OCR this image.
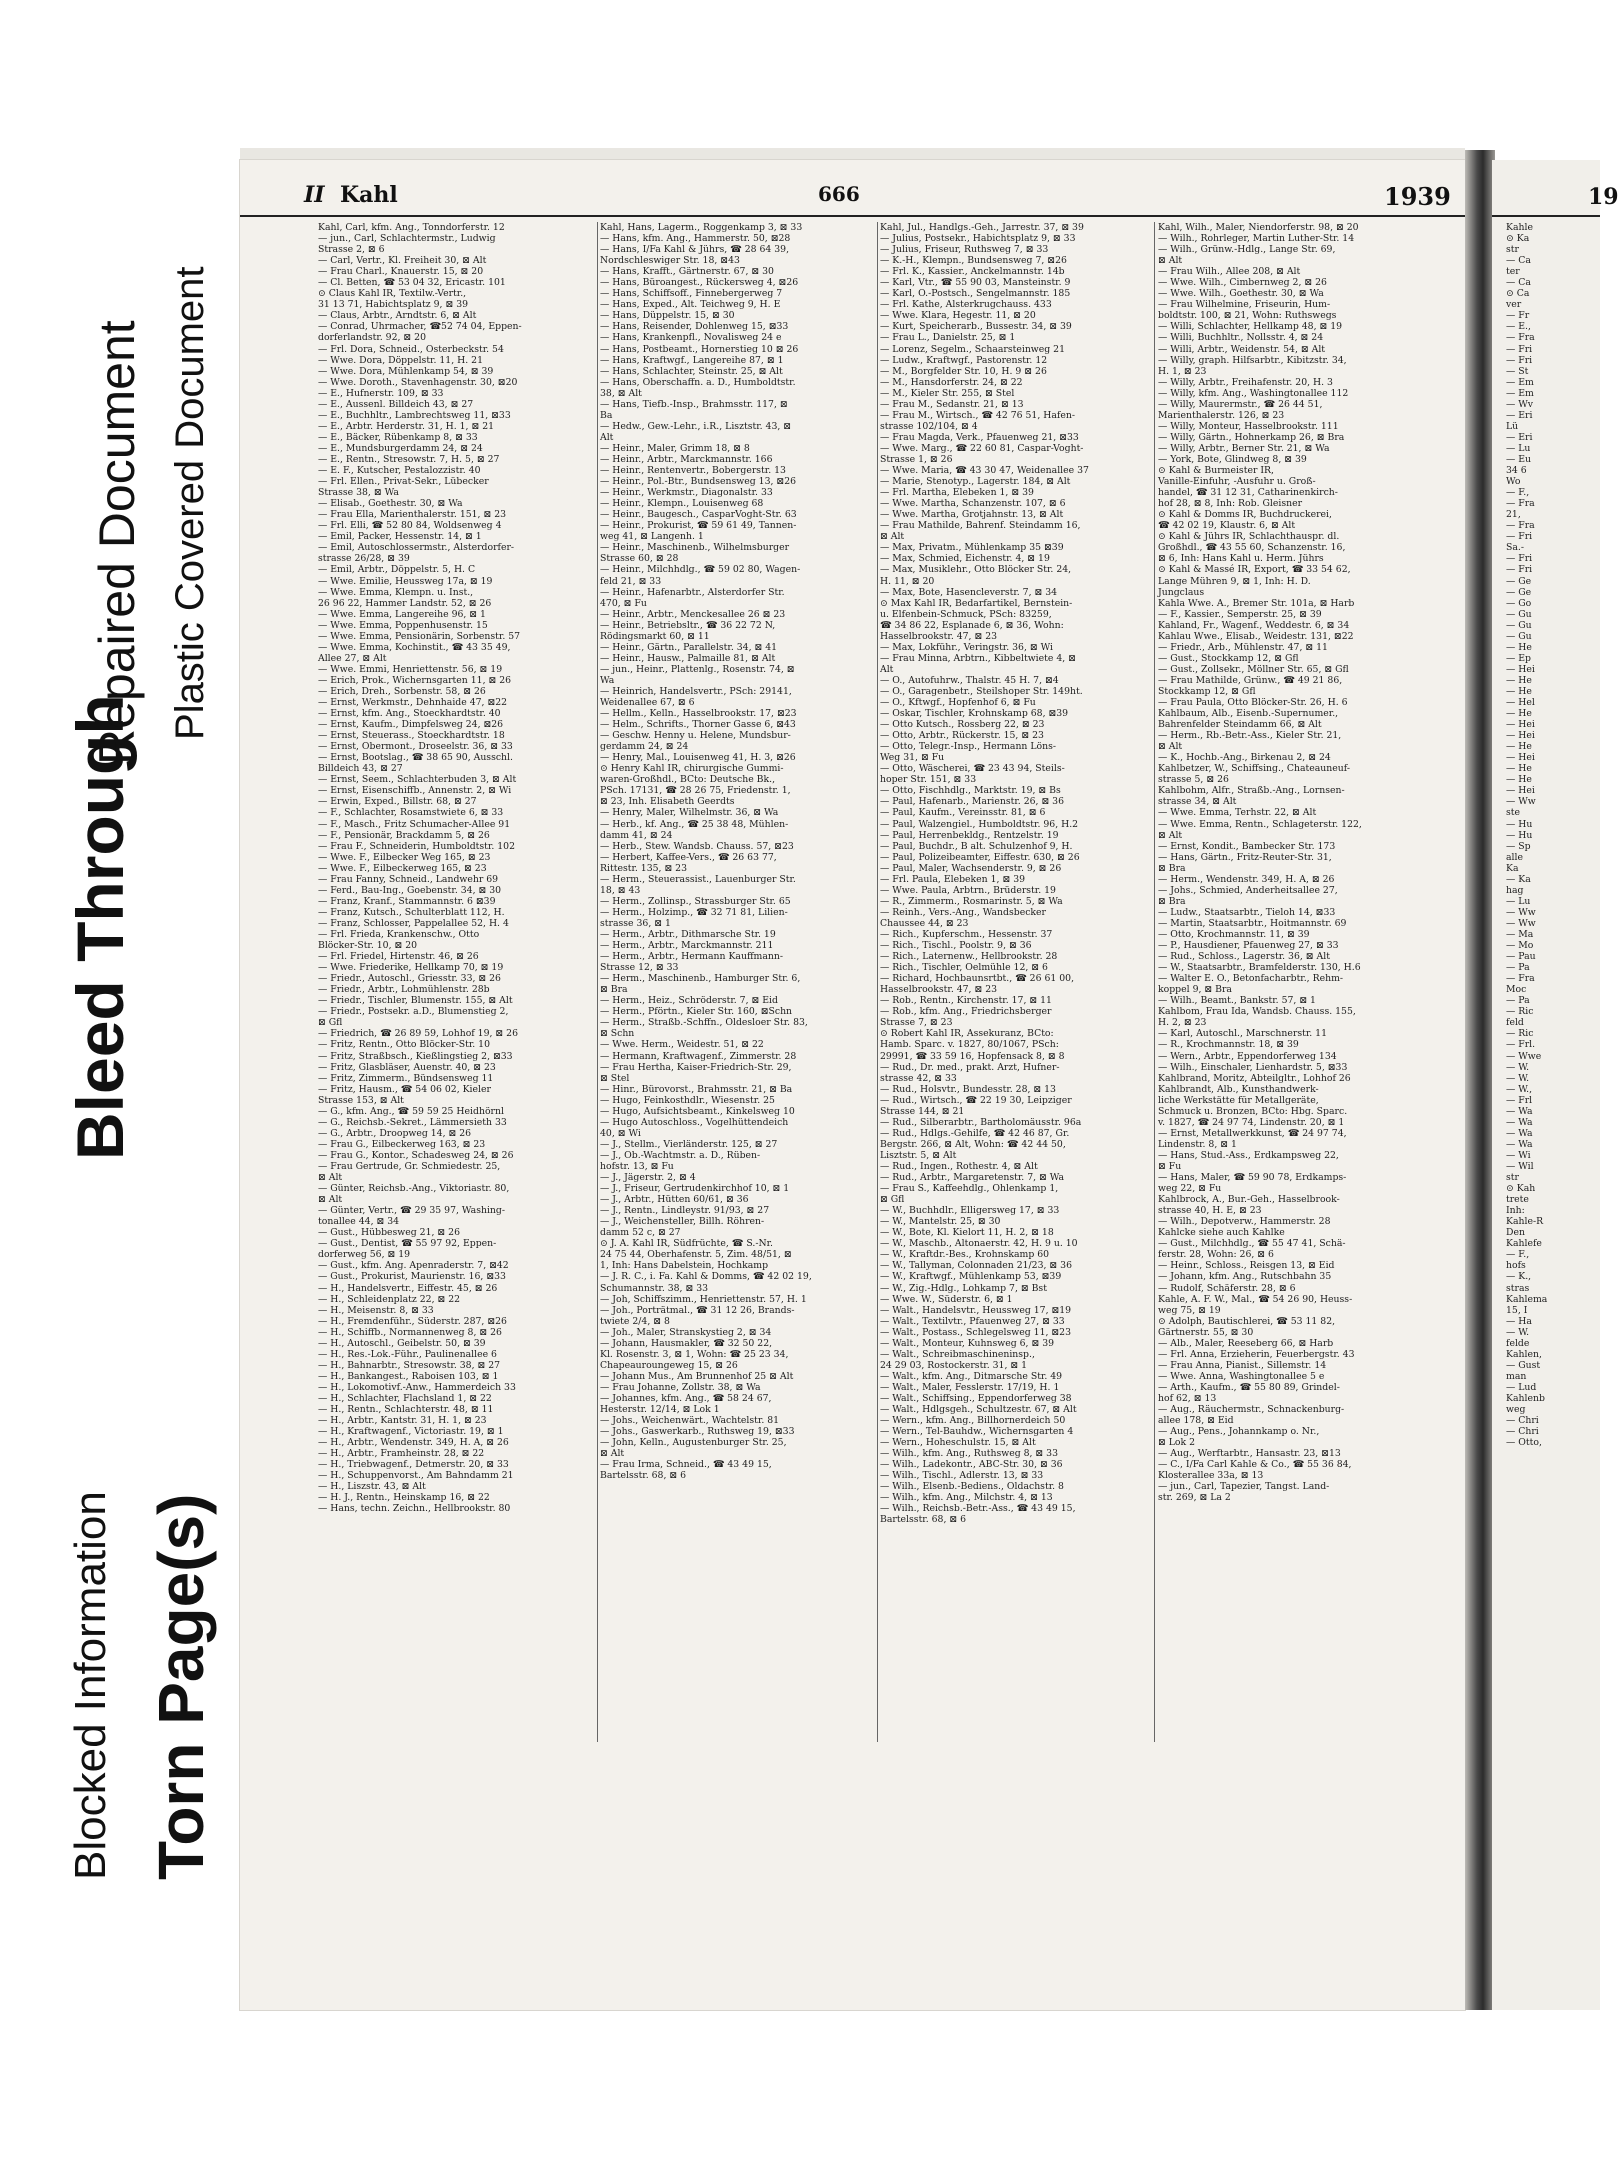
Blocked Information
Bleed Through
Torn Page(s)
Repaired Document Plastic Covered Document
II Kahl	666	1939
Kahl, Carl, kfm. Ang., Tonndorferstr. 12
— jun., Carl, Schlachtermstr., Ludwig
Strasse 2, ⊠ 6
— Carl, Vertr., Kl. Freiheit 30, ⊠ Alt
— Frau Charl., Knauerstr. 15, ⊠ 20
— Cl. Betten, ☎ 53 04 32, Ericastr. 101
⊙ Claus Kahl IR, Textilw.-Vertr.,
31 13 71, Habichtsplatz 9, ⊠ 39
— Claus, Arbtr., Arndtstr. 6, ⊠ Alt
— Conrad, Uhrmacher, ☎52 74 04, Eppen-
dorferlandstr. 92, ⊠ 20
— Frl. Dora, Schneid., Osterbeckstr. 54
— Wwe. Dora, Döppelstr. 11, H. 21
— Wwe. Dora, Mühlenkamp 54, ⊠ 39
— Wwe. Doroth., Stavenhagenstr. 30, ⊠20
— E., Hufnerstr. 109, ⊠ 33
— E., Aussenl. Billdeich 43, ⊠ 27
— E., Buchhltr., Lambrechtsweg 11, ⊠33
— E., Arbtr. Herderstr. 31, H. 1, ⊠ 21
— E., Bäcker, Rübenkamp 8, ⊠ 33
— E., Mundsburgerdamm 24, ⊠ 24
— E., Rentn., Stresowstr. 7, H. 5, ⊠ 27
— E. F., Kutscher, Pestalozzistr. 40
— Frl. Ellen., Privat-Sekr., Lübecker
Strasse 38, ⊠ Wa
— Elisab., Goethestr. 30, ⊠ Wa
— Frau Ella, Marienthalerstr. 151, ⊠ 23
— Frl. Elli, ☎ 52 80 84, Woldsenweg 4
— Emil, Packer, Hessenstr. 14, ⊠ 1
— Emil, Autoschlossermstr., Alsterdorfer-
strasse 26/28, ⊠ 39
— Emil, Arbtr., Döppelstr. 5, H. C
— Wwe. Emilie, Heussweg 17a, ⊠ 19
— Wwe. Emma, Klempn. u. Inst.,
26 96 22, Hammer Landstr. 52, ⊠ 26
— Wwe. Emma, Langereihe 96, ⊠ 1
— Wwe. Emma, Poppenhusenstr. 15
— Wwe. Emma, Pensionärin, Sorbenstr. 57
— Wwe. Emma, Kochinstit., ☎ 43 35 49,
Allee 27, ⊠ Alt
— Wwe. Emmi, Henriettenstr. 56, ⊠ 19
— Erich, Prok., Wichernsgarten 11, ⊠ 26
— Erich, Dreh., Sorbenstr. 58, ⊠ 26
— Ernst, Werkmstr., Dehnhaide 47, ⊠22
— Ernst, kfm. Ang., Stoeckhardtstr. 40
— Ernst, Kaufm., Dimpfelsweg 24, ⊠26
— Ernst, Steuerass., Stoeckhardtstr. 18
— Ernst, Obermont., Droseelstr. 36, ⊠ 33
— Ernst, Bootslag., ☎ 38 65 90, Ausschl.
Billdeich 43, ⊠ 27
— Ernst, Seem., Schlachterbuden 3, ⊠ Alt
— Ernst, Eisenschiffb., Annenstr. 2, ⊠ Wi
— Erwin, Exped., Billstr. 68, ⊠ 27
— F., Schlachter, Rosamstwiete 6, ⊠ 33
— F., Masch., Fritz Schumacher-Allee 91
— F., Pensionär, Brackdamm 5, ⊠ 26
— Frau F., Schneiderin, Humboldtstr. 102
— Wwe. F., Eilbecker Weg 165, ⊠ 23
— Wwe. F., Eilbeckerweg 165, ⊠ 23
— Frau Fanny, Schneid., Landwehr 69
— Ferd., Bau-Ing., Goebenstr. 34, ⊠ 30
— Franz, Kranf., Stammannstr. 6 ⊠39
— Franz, Kutsch., Schulterblatt 112, H.
— Franz, Schlosser, Pappelallee 52, H. 4
— Frl. Frieda, Krankenschw., Otto
Blöcker-Str. 10, ⊠ 20
— Frl. Friedel, Hirtenstr. 46, ⊠ 26
— Wwe. Friederike, Hellkamp 70, ⊠ 19
— Friedr., Autoschl., Griesstr. 33, ⊠ 26
— Friedr., Arbtr., Lohmühlenstr. 28b
— Friedr., Tischler, Blumenstr. 155, ⊠ Alt
— Friedr., Postsekr. a.D., Blumenstieg 2,
⊠ Gfl
— Friedrich, ☎ 26 89 59, Lohhof 19, ⊠ 26
— Fritz, Rentn., Otto Blöcker-Str. 10
— Fritz, Straßbsch., Kießlingstieg 2, ⊠33
— Fritz, Glasbläser, Auenstr. 40, ⊠ 23
— Fritz, Zimmerm., Bündsensweg 11
— Fritz, Hausm., ☎ 54 06 02, Kieler
Strasse 153, ⊠ Alt
— G., kfm. Ang., ☎ 59 59 25 Heidhörnl
— G., Reichsb.-Sekret., Lämmersieth 33
— G., Arbtr., Droopweg 14, ⊠ 26
— Frau G., Eilbeckerweg 163, ⊠ 23
— Frau G., Kontor., Schadesweg 24, ⊠ 26
— Frau Gertrude, Gr. Schmiedestr. 25,
⊠ Alt
— Günter, Reichsb.-Ang., Viktoriastr. 80,
⊠ Alt
— Günter, Vertr., ☎ 29 35 97, Washing-
tonallee 44, ⊠ 34
— Gust., Hübbesweg 21, ⊠ 26
— Gust., Dentist, ☎ 55 97 92, Eppen-
dorferweg 56, ⊠ 19
— Gust., kfm. Ang. Apenraderstr. 7, ⊠42
— Gust., Prokurist, Maurienstr. 16, ⊠33
— H., Handelsvertr., Eiffestr. 45, ⊠ 26
— H., Schleidenplatz 22, ⊠ 22
— H., Meisenstr. 8, ⊠ 33
— H., Fremdenführ., Süderstr. 287, ⊠26
— H., Schiffb., Normannenweg 8, ⊠ 26
— H., Autoschl., Geibelstr. 50, ⊠ 39
— H., Res.-Lok.-Führ., Paulinenallee 6
— H., Bahnarbtr., Stresowstr. 38, ⊠ 27
— H., Bankangest., Raboisen 103, ⊠ 1
— H., Lokomotivf.-Anw., Hammerdeich 33
— H., Schlachter, Flachsland 1, ⊠ 22
— H., Rentn., Schlachterstr. 48, ⊠ 11
— H., Arbtr., Kantstr. 31, H. 1, ⊠ 23
— H., Kraftwagenf., Victoriastr. 19, ⊠ 1
— H., Arbtr., Wendenstr. 349, H. A, ⊠ 26
— H., Arbtr., Framheinstr. 28, ⊠ 22
— H., Triebwagenf., Detmerstr. 20, ⊠ 33
— H., Schuppenvorst., Am Bahndamm 21
— H., Liszstr. 43, ⊠ Alt
— H. J., Rentn., Heinskamp 16, ⊠ 22
— Hans, techn. Zeichn., Hellbrookstr. 80
Kahl, Hans, Lagerm., Roggenkamp 3, ⊠ 33
— Hans, kfm. Ang., Hammerstr. 50, ⊠28
— Hans, I/Fa Kahl & Jührs, ☎ 28 64 39,
Nordschleswiger Str. 18, ⊠43
— Hans, Krafft., Gärtnerstr. 67, ⊠ 30
— Hans, Büroangest., Rückersweg 4, ⊠26
— Hans, Schiffsoff., Finnebergerweg 7
— Hans, Exped., Alt. Teichweg 9, H. E
— Hans, Düppelstr. 15, ⊠ 30
— Hans, Reisender, Dohlenweg 15, ⊠33
— Hans, Krankenpfl., Novalisweg 24 e
— Hans, Postbeamt., Hornerstieg 10 ⊠ 26
— Hans, Kraftwgf., Langereihe 87, ⊠ 1
— Hans, Schlachter, Steinstr. 25, ⊠ Alt
— Hans, Oberschaffn. a. D., Humboldtstr.
38, ⊠ Alt
— Hans, Tiefb.-Insp., Brahmsstr. 117, ⊠
Ba
— Hedw., Gew.-Lehr., i.R., Lisztstr. 43, ⊠
Alt
— Heinr., Maler, Grimm 18, ⊠ 8
— Heinr., Arbtr., Marckmannstr. 166
— Heinr., Rentenvertr., Bobergerstr. 13
— Heinr., Pol.-Btr., Bundsensweg 13, ⊠26
— Heinr., Werkmstr., Diagonalstr. 33
— Heinr., Klempn., Louisenweg 68
— Heinr., Baugesch., CasparVoght-Str. 63
— Heinr., Prokurist, ☎ 59 61 49, Tannen-
weg 41, ⊠ Langenh. 1
— Heinr., Maschinenb., Wilhelmsburger
Strasse 60, ⊠ 28
— Heinr., Milchhdlg., ☎ 59 02 80, Wagen-
feld 21, ⊠ 33
— Heinr., Hafenarbtr., Alsterdorfer Str.
470, ⊠ Fu
— Heinr., Arbtr., Menckesallee 26 ⊠ 23
— Heinr., Betriebsltr., ☎ 36 22 72 N,
Rödingsmarkt 60, ⊠ 11
— Heinr., Gärtn., Parallelstr. 34, ⊠ 41
— Heinr., Hausw., Palmaille 81, ⊠ Alt
— jun., Heinr., Plattenlg., Rosenstr. 74, ⊠
Wa
— Heinrich, Handelsvertr., PSch: 29141,
Weidenallee 67, ⊠ 6
— Hellm., Kelln., Hasselbrookstr. 17, ⊠23
— Helm., Schrifts., Thorner Gasse 6, ⊠43
— Geschw. Henny u. Helene, Mundsbur-
gerdamm 24, ⊠ 24
— Henry, Mal., Louisenweg 41, H. 3, ⊠26
⊙ Henry Kahl IR, chirurgische Gummi-
waren-Großhdl., BCto: Deutsche Bk.,
PSch. 17131, ☎ 28 26 75, Friedenstr. 1,
⊠ 23, Inh. Elisabeth Geerdts
— Henry, Maler, Wilhelmstr. 36, ⊠ Wa
— Herb., kf. Ang., ☎ 25 38 48, Mühlen-
damm 41, ⊠ 24
— Herb., Stew. Wandsb. Chauss. 57, ⊠23
— Herbert, Kaffee-Vers., ☎ 26 63 77,
Rittestr. 135, ⊠ 23
— Herm., Steuerassist., Lauenburger Str.
18, ⊠ 43
— Herm., Zollinsp., Strassburger Str. 65
— Herm., Holzimp., ☎ 32 71 81, Lilien-
strasse 36, ⊠ 1
— Herm., Arbtr., Dithmarsche Str. 19
— Herm., Arbtr., Marckmannstr. 211
— Herm., Arbtr., Hermann Kauffmann-
Strasse 12, ⊠ 33
— Herm., Maschinenb., Hamburger Str. 6,
⊠ Bra
— Herm., Heiz., Schröderstr. 7, ⊠ Eid
— Herm., Pförtn., Kieler Str. 160, ⊠Schn
— Herm., Straßb.-Schffn., Oldesloer Str. 83,
⊠ Schn
— Wwe. Herm., Weidestr. 51, ⊠ 22
— Hermann, Kraftwagenf., Zimmerstr. 28
— Frau Hertha, Kaiser-Friedrich-Str. 29,
⊠ Stel
— Hinr., Bürovorst., Brahmsstr. 21, ⊠ Ba
— Hugo, Feinkosthdlr., Wiesenstr. 25
— Hugo, Aufsichtsbeamt., Kinkelsweg 10
— Hugo Autoschloss., Vogelhüttendeich
40, ⊠ Wi
— J., Stellm., Vierländerstr. 125, ⊠ 27
— J., Ob.-Wachtmstr. a. D., Rüben-
hofstr. 13, ⊠ Fu
— J., Jägerstr. 2, ⊠ 4
— J., Friseur, Gertrudenkirchhof 10, ⊠ 1
— J., Arbtr., Hütten 60/61, ⊠ 36
— J., Rentn., Lindleystr. 91/93, ⊠ 27
— J., Weichensteller, Billh. Röhren-
damm 52 c, ⊠ 27
⊙ J. A. Kahl IR, Südfrüchte, ☎ S.-Nr.
24 75 44, Oberhafenstr. 5, Zim. 48/51, ⊠
1, Inh: Hans Dabelstein, Hochkamp
— J. R. C., i. Fa. Kahl & Domms, ☎ 42 02 19,
Schumannstr. 38, ⊠ 33
— Joh, Schiffszimm., Henriettenstr. 57, H. 1
— Joh., Porträtmal., ☎ 31 12 26, Brands-
twiete 2/4, ⊠ 8
— Joh., Maler, Stranskystieg 2, ⊠ 34
— Johann, Hausmakler, ☎ 32 50 22,
Kl. Rosenstr. 3, ⊠ 1, Wohn: ☎ 25 23 34,
Chapeauroungeweg 15, ⊠ 26
— Johann Mus., Am Brunnenhof 25 ⊠ Alt
— Frau Johanne, Zollstr. 38, ⊠ Wa
— Johannes, kfm. Ang., ☎ 58 24 67,
Hesterstr. 12/14, ⊠ Lok 1
— Johs., Weichenwärt., Wachtelstr. 81
— Johs., Gaswerkarb., Ruthsweg 19, ⊠33
— John, Kelln., Augustenburger Str. 25,
⊠ Alt
— Frau Irma, Schneid., ☎ 43 49 15,
Bartelsstr. 68, ⊠ 6
Kahl, Jul., Handlgs.-Geh., Jarrestr. 37, ⊠ 39
— Julius, Postsekr., Habichtsplatz 9, ⊠ 33
— Julius, Friseur, Ruthsweg 7, ⊠ 33
— K.-H., Klempn., Bundsensweg 7, ⊠26
— Frl. K., Kassier., Anckelmannstr. 14b
— Karl, Vtr., ☎ 55 90 03, Mansteinstr. 9
— Karl, O.-Postsch., Sengelmannstr. 185
— Frl. Kathe, Alsterkrugchauss. 433
— Wwe. Klara, Hegestr. 11, ⊠ 20
— Kurt, Speicherarb., Bussestr. 34, ⊠ 39
— Frau L., Danielstr. 25, ⊠ 1
— Lorenz, Segelm., Schaarsteinweg 21
— Ludw., Kraftwgf., Pastorenstr. 12
— M., Borgfelder Str. 10, H. 9 ⊠ 26
— M., Hansdorferstr. 24, ⊠ 22
— M., Kieler Str. 255, ⊠ Stel
— Frau M., Sedanstr. 21, ⊠ 13
— Frau M., Wirtsch., ☎ 42 76 51, Hafen-
strasse 102/104, ⊠ 4
— Frau Magda, Verk., Pfauenweg 21, ⊠33
— Wwe. Marg., ☎ 22 60 81, Caspar-Voght-
Strasse 1, ⊠ 26
— Wwe. Maria, ☎ 43 30 47, Weidenallee 37
— Marie, Stenotyp., Lagerstr. 184, ⊠ Alt
— Frl. Martha, Elebeken 1, ⊠ 39
— Wwe. Martha, Schanzenstr. 107, ⊠ 6
— Wwe. Martha, Grotjahnstr. 13, ⊠ Alt
— Frau Mathilde, Bahrenf. Steindamm 16,
⊠ Alt
— Max, Privatm., Mühlenkamp 35 ⊠39
— Max, Schmied, Eichenstr. 4, ⊠ 19
— Max, Musiklehr., Otto Blöcker Str. 24,
H. 11, ⊠ 20
— Max, Bote, Hasencleverstr. 7, ⊠ 34
⊙ Max Kahl IR, Bedarfartikel, Bernstein-
u. Elfenbein-Schmuck, PSch: 83259,
☎ 34 86 22, Esplanade 6, ⊠ 36, Wohn:
Hasselbrookstr. 47, ⊠ 23
— Max, Lokführ., Veringstr. 36, ⊠ Wi
— Frau Minna, Arbtrn., Kibbeltwiete 4, ⊠
Alt
— O., Autofuhrw., Thalstr. 45 H. 7, ⊠4
— O., Garagenbetr., Steilshoper Str. 149ht.
— O., Kftwgf., Hopfenhof 6, ⊠ Fu
— Oskar, Tischler, Krohnskamp 68, ⊠39
— Otto Kutsch., Rossberg 22, ⊠ 23
— Otto, Arbtr., Rückerstr. 15, ⊠ 23
— Otto, Telegr.-Insp., Hermann Löns-
Weg 31, ⊠ Fu
— Otto, Wäscherei, ☎ 23 43 94, Steils-
hoper Str. 151, ⊠ 33
— Otto, Fischhdlg., Marktstr. 19, ⊠ Bs
— Paul, Hafenarb., Marienstr. 26, ⊠ 36
— Paul, Kaufm., Vereinsstr. 81, ⊠ 6
— Paul, Walzengiel., Humboldtstr. 96, H.2
— Paul, Herrenbekldg., Rentzelstr. 19
— Paul, Buchdr., B alt. Schulzenhof 9, H.
— Paul, Polizeibeamter, Eiffestr. 630, ⊠ 26
— Paul, Maler, Wachsenderstr. 9, ⊠ 26
— Frl. Paula, Elebeken 1, ⊠ 39
— Wwe. Paula, Arbtrn., Brüderstr. 19
— R., Zimmerm., Rosmarinstr. 5, ⊠ Wa
— Reinh., Vers.-Ang., Wandsbecker
Chaussee 44, ⊠ 23
— Rich., Kupferschm., Hessenstr. 37
— Rich., Tischl., Poolstr. 9, ⊠ 36
— Rich., Laternenw., Hellbrookstr. 28
— Rich., Tischler, Oelmühle 12, ⊠ 6
— Richard, Hochbaunsrtbt., ☎ 26 61 00,
Hasselbrookstr. 47, ⊠ 23
— Rob., Rentn., Kirchenstr. 17, ⊠ 11
— Rob., kfm. Ang., Friedrichsberger
Strasse 7, ⊠ 23
⊙ Robert Kahl IR, Assekuranz, BCto:
Hamb. Sparc. v. 1827, 80/1067, PSch:
29991, ☎ 33 59 16, Hopfensack 8, ⊠ 8
— Rud., Dr. med., prakt. Arzt, Hufner-
strasse 42, ⊠ 33
— Rud., Holsvtr., Bundesstr. 28, ⊠ 13
— Rud., Wirtsch., ☎ 22 19 30, Leipziger
Strasse 144, ⊠ 21
— Rud., Silberarbtr., Bartholomäusstr. 96a
— Rud., Hdlgs.-Gehilfe, ☎ 42 46 87, Gr.
Bergstr. 266, ⊠ Alt, Wohn: ☎ 42 44 50,
Lisztstr. 5, ⊠ Alt
— Rud., Ingen., Rothestr. 4, ⊠ Alt
— Rud., Arbtr., Margaretenstr. 7, ⊠ Wa
— Frau S., Kaffeehdlg., Ohlenkamp 1,
⊠ Gfl
— W., Buchhdlr., Elligersweg 17, ⊠ 33
— W., Mantelstr. 25, ⊠ 30
— W., Bote, Kl. Kielort 11, H. 2, ⊠ 18
— W., Maschb., Altonaerstr. 42, H. 9 u. 10
— W., Kraftdr.-Bes., Krohnskamp 60
— W., Tallyman, Colonnaden 21/23, ⊠ 36
— W., Kraftwgf., Mühlenkamp 53, ⊠39
— W., Zig.-Hdlg., Lohkamp 7, ⊠ Bst
— Wwe. W., Süderstr. 6, ⊠ 1
— Walt., Handelsvtr., Heussweg 17, ⊠19
— Walt., Textilvtr., Pfauenweg 27, ⊠ 33
— Walt., Postass., Schlegelsweg 11, ⊠23
— Walt., Monteur, Kuhnsweg 6, ⊠ 39
— Walt., Schreibmaschineninsp.,
24 29 03, Rostockerstr. 31, ⊠ 1
— Walt., kfm. Ang., Ditmarsche Str. 49
— Walt., Maler, Fesslerstr. 17/19, H. 1
— Walt., Schiffsing., Eppendorferweg 38
— Walt., Hdlgsgeh., Schultzestr. 67, ⊠ Alt
— Wern., kfm. Ang., Billhornerdeich 50
— Wern., Tel-Bauhdw., Wichernsgarten 4
— Wern., Hoheschulstr. 15, ⊠ Alt
— Wilh., kfm. Ang., Ruthsweg 8, ⊠ 33
— Wilh., Ladekontr., ABC-Str. 30, ⊠ 36
— Wilh., Tischl., Adlerstr. 13, ⊠ 33
— Wilh., Elsenb.-Bediens., Oldachstr. 8
— Wilh., kfm. Ang., Milchstr. 4, ⊠ 13
— Wilh., Reichsb.-Betr.-Ass., ☎ 43 49 15,
Bartelsstr. 68, ⊠ 6
Kahl, Wilh., Maler, Niendorferstr. 98, ⊠ 20
— Wilh., Rohrleger, Martin Luther-Str. 14
— Wilh., Grünw.-Hdlg., Lange Str. 69,
⊠ Alt
— Frau Wilh., Allee 208, ⊠ Alt
— Wwe. Wilh., Cimbernweg 2, ⊠ 26
— Wwe. Wilh., Goethestr. 30, ⊠ Wa
— Frau Wilhelmine, Friseurin, Hum-
boldtstr. 100, ⊠ 21, Wohn: Ruthswegs
— Willi, Schlachter, Hellkamp 48, ⊠ 19
— Willi, Buchhltr., Nollsstr. 4, ⊠ 24
— Willi, Arbtr., Weidenstr. 54, ⊠ Alt
— Willy, graph. Hilfsarbtr., Kibitzstr. 34,
H. 1, ⊠ 23
— Willy, Arbtr., Freihafenstr. 20, H. 3
— Willy, kfm. Ang., Washingtonallee 112
— Willy, Maurermstr., ☎ 26 44 51,
Marienthalerstr. 126, ⊠ 23
— Willy, Monteur, Hasselbrookstr. 111
— Willy, Gärtn., Hohnerkamp 26, ⊠ Bra
— Willy, Arbtr., Berner Str. 21, ⊠ Wa
— York, Bote, Glindweg 8, ⊠ 39
⊙ Kahl & Burmeister IR,
Vanille-Einfuhr, -Ausfuhr u. Groß-
handel, ☎ 31 12 31, Catharinenkirch-
hof 28, ⊠ 8, Inh: Rob. Gleisner
⊙ Kahl & Domms IR, Buchdruckerei,
☎ 42 02 19, Klaustr. 6, ⊠ Alt
⊙ Kahl & Jührs IR, Schlachthauspr. dl.
Großhdl., ☎ 43 55 60, Schanzenstr. 16,
⊠ 6, Inh: Hans Kahl u. Herm. Jührs
⊙ Kahl & Massé IR, Export, ☎ 33 54 62,
Lange Mühren 9, ⊠ 1, Inh: H. D.
Jungclaus
Kahla Wwe. A., Bremer Str. 101a, ⊠ Harb
— F., Kassier., Semperstr. 25, ⊠ 39
Kahland, Fr., Wagenf., Weddestr. 6, ⊠ 34
Kahlau Wwe., Elisab., Weidestr. 131, ⊠22
— Friedr., Arb., Mühlenstr. 47, ⊠ 11
— Gust., Stockkamp 12, ⊠ Gfl
— Gust., Zollsekr., Möllner Str. 65, ⊠ Gfl
— Frau Mathilde, Grünw., ☎ 49 21 86,
Stockkamp 12, ⊠ Gfl
— Frau Paula, Otto Blöcker-Str. 26, H. 6
Kahlbaum, Alb., Eisenb.-Supernumer.,
Bahrenfelder Steindamm 66, ⊠ Alt
— Herm., Rb.-Betr.-Ass., Kieler Str. 21,
⊠ Alt
— K., Hochb.-Ang., Birkenau 2, ⊠ 24
Kahlbetzer, W., Schiffsing., Chateauneuf-
strasse 5, ⊠ 26
Kahlbohm, Alfr., Straßb.-Ang., Lornsen-
strasse 34, ⊠ Alt
— Wwe. Emma, Terhstr. 22, ⊠ Alt
— Wwe. Emma, Rentn., Schlageterstr. 122,
⊠ Alt
— Ernst, Kondit., Bambecker Str. 173
— Hans, Gärtn., Fritz-Reuter-Str. 31,
⊠ Bra
— Herm., Wendenstr. 349, H. A, ⊠ 26
— Johs., Schmied, Anderheitsallee 27,
⊠ Bra
— Ludw., Staatsarbtr., Tieloh 14, ⊠33
— Martin, Staatsarbtr., Hoitmannstr. 69
— Otto, Krochmannstr. 11, ⊠ 39
— P., Hausdiener, Pfauenweg 27, ⊠ 33
— Rud., Schloss., Lagerstr. 36, ⊠ Alt
— W., Staatsarbtr., Bramfelderstr. 130, H.6
— Walter E. O., Betonfacharbtr., Rehm-
koppel 9, ⊠ Bra
— Wilh., Beamt., Bankstr. 57, ⊠ 1
Kahlbom, Frau Ida, Wandsb. Chauss. 155,
H. 2, ⊠ 23
— Karl, Autoschl., Marschnerstr. 11
— R., Krochmannstr. 18, ⊠ 39
— Wern., Arbtr., Eppendorferweg 134
— Wilh., Einschaler, Lienhardstr. 5, ⊠33
Kahlbrand, Moritz, Abteilgltr., Lohhof 26
Kahlbrandt, Alb., Kunsthandwerk-
liche Werkstätte für Metallgeräte,
Schmuck u. Bronzen, BCto: Hbg. Sparc.
v. 1827, ☎ 24 97 74, Lindenstr. 20, ⊠ 1
— Ernst, Metallwerkkunst, ☎ 24 97 74,
Lindenstr. 8, ⊠ 1
— Hans, Stud.-Ass., Erdkampsweg 22,
⊠ Fu
— Hans, Maler, ☎ 59 90 78, Erdkamps-
weg 22, ⊠ Fu
Kahlbrock, A., Bur.-Geh., Hasselbrook-
strasse 40, H. E, ⊠ 23
— Wilh., Depotverw., Hammerstr. 28
Kahlcke siehe auch Kahlke
— Gust., Milchhdlg., ☎ 55 47 41, Schä-
ferstr. 28, Wohn: 26, ⊠ 6
— Heinr., Schloss., Reisgen 13, ⊠ Eid
— Johann, kfm. Ang., Rutschbahn 35
— Rudolf, Schäferstr. 28, ⊠ 6
Kahle, A. F. W., Mal., ☎ 54 26 90, Heuss-
weg 75, ⊠ 19
⊙ Adolph, Bautischlerei, ☎ 53 11 82,
Gärtnerstr. 55, ⊠ 30
— Alb., Maler, Reeseberg 66, ⊠ Harb
— Frl. Anna, Erzieherin, Feuerbergstr. 43
— Frau Anna, Pianist., Sillemstr. 14
— Wwe. Anna, Washingtonallee 5 e
— Arth., Kaufm., ☎ 55 80 89, Grindel-
hof 62, ⊠ 13
— Aug., Räuchermstr., Schnackenburg-
allee 178, ⊠ Eid
— Aug., Pens., Johannkamp o. Nr.,
⊠ Lok 2
— Aug., Werftarbtr., Hansastr. 23, ⊠13
— C., I/Fa Carl Kahle & Co., ☎ 55 36 84,
Klosterallee 33a, ⊠ 13
— jun., Carl, Tapezier, Tangst. Land-
str. 269, ⊠ La 2
19
Kahle
⊙ Ka
str
— Ca
ter
— Ca
⊙ Ca
ver
— Fr
— E.,
— Fra
— Fri
— Fri
— St
— Em
— Em
— Wv
— Eri
Lü
— Eri
— Lu
— Eu
34 6
Wo
— F.,
— Fra
21,
— Fra
— Fri
Sa.-
— Fri
— Fri
— Ge
— Ge
— Go
— Gu
— Gu
— Gu
— He
— Ep
— Hei
— He
— He
— Hel
— He
— Hei
— Hei
— He
— Hei
— He
— He
— Hei
— Ww
ste
— Hu
— Hu
— Sp
alle
Ka
— Ka
hag
— Lu
— Ww
— Ww
— Ma
— Mo
— Pau
— Pa
— Fra
Moc
— Pa
— Ric
feld
— Ric
— Frl.
— Wwe
— W.
— W.
— W.,
— Frl
— Wa
— Wa
— Wa
— Wa
— Wi
— Wil
str
⊙ Kah
trete
Inh:
Kahle-R
Den
Kahlefe
— F.,
hofs
— K.,
stras
Kahlema
15, I
— Ha
— W.
felde
Kahlen,
— Gust
man
— Lud
Kahlenb
weg
— Chri
— Chri
— Otto,
